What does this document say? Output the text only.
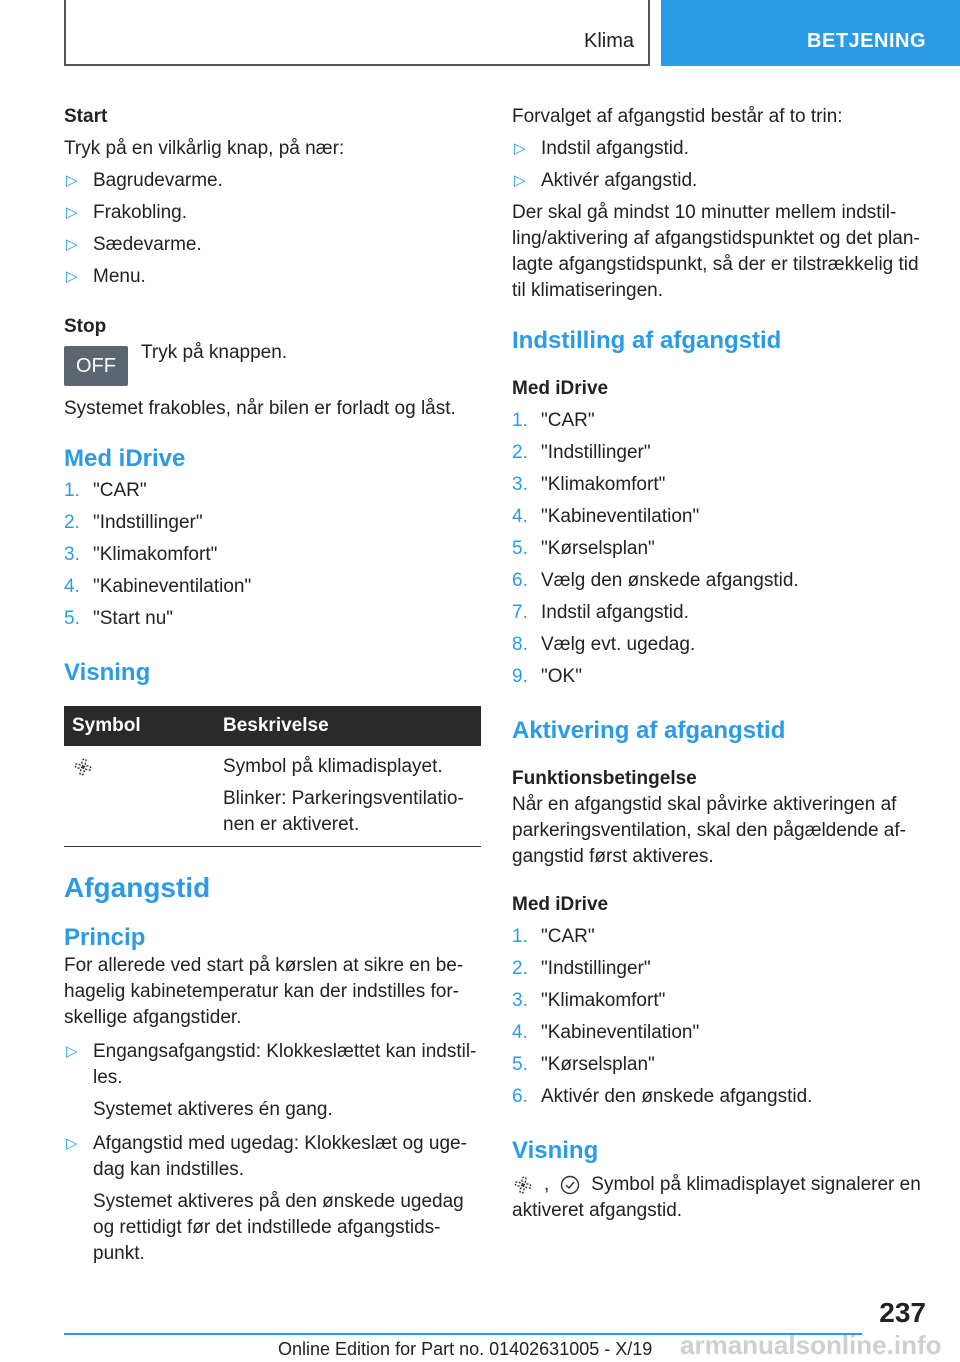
Klima	BETJENING

Start

Tryk på en vilkårlig knap, på nær:

▷ Bagrudevarme.
▷ Frakobling.
▷ Sædevarme.
▷ Menu.

Stop

OFF
Tryk på knappen.

Systemet frakobles, når bilen er forladt og låst.

Med iDrive

1. "CAR"
2. "Indstillinger"
3. "Klimakomfort"
4. "Kabineventilation"
5. "Start nu"

Visning

Symbol	Beskrivelse

Symbol på klimadisplayet.

Blinker: Parkeringsventilatio-

nen er aktiveret.

Afgangstid

Princip

For allerede ved start på kørslen at sikre en be-

hagelig kabinetemperatur kan der indstilles for-

skellige afgangstider.

▷ Engangsafgangstid: Klokkeslættet kan indstil-

les.

Systemet aktiveres én gang.

▷ Afgangstid med ugedag: Klokkeslæt og uge-

dag kan indstilles.

Systemet aktiveres på den ønskede ugedag

og rettidigt før det indstillede afgangstids-

punkt.

Forvalget af afgangstid består af to trin:

▷ Indstil afgangstid.
▷ Aktivér afgangstid.

Der skal gå mindst 10 minutter mellem indstil-

ling/aktivering af afgangstidspunktet og det plan-

lagte afgangstidspunkt, så der er tilstrækkelig tid

til klimatiseringen.

Indstilling af afgangstid

Med iDrive

1. "CAR"
2. "Indstillinger"
3. "Klimakomfort"
4. "Kabineventilation"
5. "Kørselsplan"
6. Vælg den ønskede afgangstid.
7. Indstil afgangstid.
8. Vælg evt. ugedag.
9. "OK"

Aktivering af afgangstid

Funktionsbetingelse

Når en afgangstid skal påvirke aktiveringen af

parkeringsventilation, skal den pågældende af-

gangstid først aktiveres.

Med iDrive

1. "CAR"
2. "Indstillinger"
3. "Klimakomfort"
4. "Kabineventilation"
5. "Kørselsplan"
6. Aktivér den ønskede afgangstid.

Visning

, Symbol på klimadisplayet signalerer en

aktiveret afgangstid.

237
Online Edition for Part no. 01402631005 - X/19 armanualsonline.info
